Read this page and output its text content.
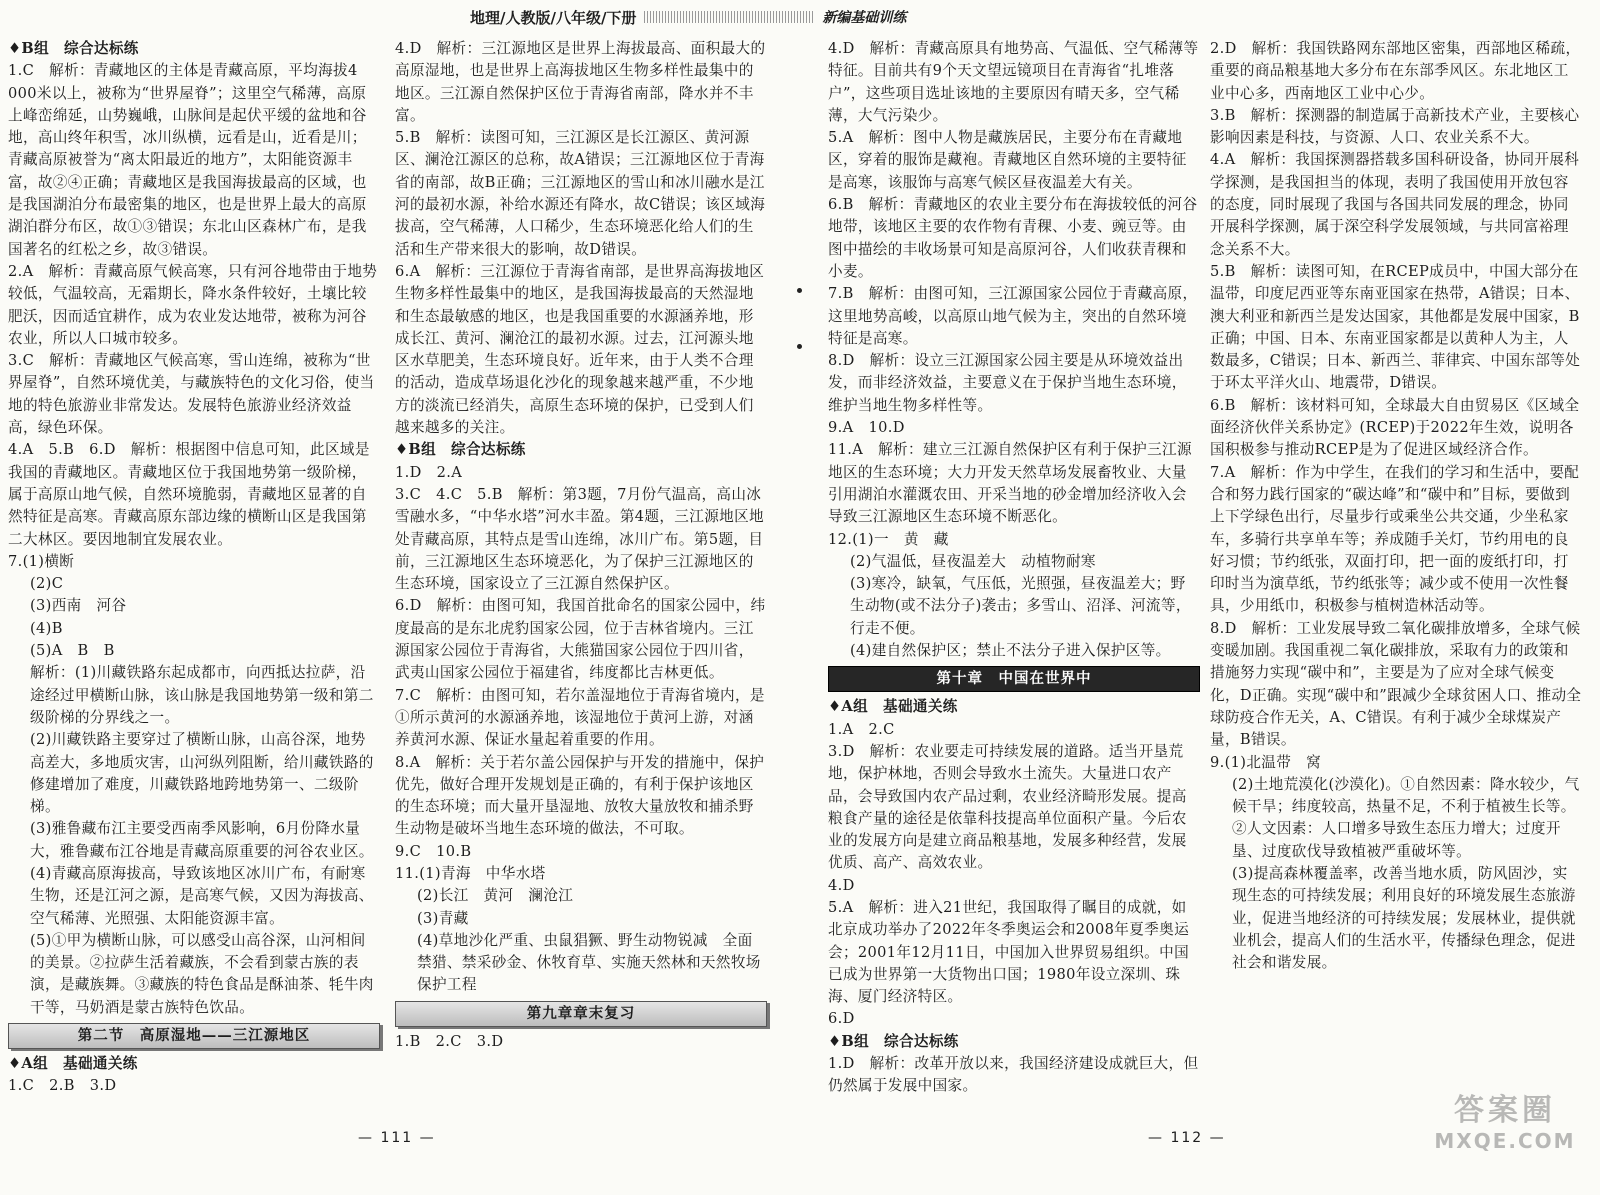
地理/人教版/八年级/下册	新编基础训练

♦B组　综合达标练

1.C　解析：青藏地区的主体是青藏高原，平均海拔4 000米以上，被称为“世界屋脊”；这里空气稀薄，高原上峰峦绵延，山势巍峨，山脉间是起伏平缓的盆地和谷地，高山终年积雪，冰川纵横，远看是山，近看是川；青藏高原被誉为“离太阳最近的地方”，太阳能资源丰富，故②④正确；青藏地区是我国海拔最高的区域，也是我国湖泊分布最密集的地区，也是世界上最大的高原湖泊群分布区，故①③错误；东北山区森林广布，是我国著名的红松之乡，故③错误。

2.A　解析：青藏高原气候高寒，只有河谷地带由于地势较低，气温较高，无霜期长，降水条件较好，土壤比较肥沃，因而适宜耕作，成为农业发达地带，被称为河谷农业，所以人口城市较多。

3.C　解析：青藏地区气候高寒，雪山连绵，被称为“世界屋脊”，自然环境优美，与藏族特色的文化习俗，使当地的特色旅游业非常发达。发展特色旅游业经济效益高，绿色环保。

4.A　5.B　6.D　解析：根据图中信息可知，此区域是我国的青藏地区。青藏地区位于我国地势第一级阶梯，属于高原山地气候，自然环境脆弱，青藏地区显著的自然特征是高寒。青藏高原东部边缘的横断山区是我国第二大林区。要因地制宜发展农业。

7.(1)横断

(2)C

(3)西南　河谷

(4)B

(5)A　B　B

解析：(1)川藏铁路东起成都市，向西抵达拉萨，沿途经过甲横断山脉，该山脉是我国地势第一级和第二级阶梯的分界线之一。

(2)川藏铁路主要穿过了横断山脉，山高谷深，地势高差大，多地质灾害，山河纵列阻断，给川藏铁路的修建增加了难度，川藏铁路地跨地势第一、二级阶梯。

(3)雅鲁藏布江主要受西南季风影响，6月份降水量大，雅鲁藏布江谷地是青藏高原重要的河谷农业区。

(4)青藏高原海拔高，导致该地区冰川广布，有耐寒生物，还是江河之源，是高寒气候，又因为海拔高、空气稀薄、光照强、太阳能资源丰富。

(5)①甲为横断山脉，可以感受山高谷深，山河相间的美景。②拉萨生活着藏族，不会看到蒙古族的表演，是藏族舞。③藏族的特色食品是酥油茶、牦牛肉干等，马奶酒是蒙古族特色饮品。

第二节　高原湿地——三江源地区

♦A组　基础通关练

1.C　2.B　3.D

4.D　解析：三江源地区是世界上海拔最高、面积最大的高原湿地，也是世界上高海拔地区生物多样性最集中的地区。三江源自然保护区位于青海省南部，降水并不丰富。

5.B　解析：读图可知，三江源区是长江源区、黄河源区、澜沧江源区的总称，故A错误；三江源地区位于青海省的南部，故B正确；三江源地区的雪山和冰川融水是江河的最初水源，补给水源还有降水，故C错误；该区域海拔高，空气稀薄，人口稀少，生态环境恶化给人们的生活和生产带来很大的影响，故D错误。

6.A　解析：三江源位于青海省南部，是世界高海拔地区生物多样性最集中的地区，是我国海拔最高的天然湿地和生态最敏感的地区，也是我国重要的水源涵养地，形成长江、黄河、澜沧江的最初水源。过去，江河源头地区水草肥美，生态环境良好。近年来，由于人类不合理的活动，造成草场退化沙化的现象越来越严重，不少地方的淡流已经消失，高原生态环境的保护，已受到人们越来越多的关注。

♦B组　综合达标练

1.D　2.A

3.C　4.C　5.B　解析：第3题，7月份气温高，高山冰雪融水多，“中华水塔”河水丰盈。第4题，三江源地区地处青藏高原，其特点是雪山连绵，冰川广布。第5题，目前，三江源地区生态环境恶化，为了保护三江源地区的生态环境，国家设立了三江源自然保护区。

6.D　解析：由图可知，我国首批命名的国家公园中，纬度最高的是东北虎豹国家公园，位于吉林省境内。三江源国家公园位于青海省，大熊猫国家公园位于四川省，武夷山国家公园位于福建省，纬度都比吉林更低。

7.C　解析：由图可知，若尔盖湿地位于青海省境内，是①所示黄河的水源涵养地，该湿地位于黄河上游，对涵养黄河水源、保证水量起着重要的作用。

8.A　解析：关于若尔盖公园保护与开发的措施中，保护优先，做好合理开发规划是正确的，有利于保护该地区的生态环境；而大量开垦湿地、放牧大量放牧和捕杀野生动物是破坏当地生态环境的做法，不可取。

9.C　10.B

11.(1)青海　中华水塔

(2)长江　黄河　澜沧江

(3)青藏

(4)草地沙化严重、虫鼠猖獗、野生动物锐减　全面禁猎、禁采砂金、休牧育草、实施天然林和天然牧场保护工程

第九章章末复习

1.B　2.C　3.D

4.D　解析：青藏高原具有地势高、气温低、空气稀薄等特征。目前共有9个天文望远镜项目在青海省“扎堆落户”，这些项目选址该地的主要原因有晴天多，空气稀薄，大气污染少。

5.A　解析：图中人物是藏族居民，主要分布在青藏地区，穿着的服饰是藏袍。青藏地区自然环境的主要特征是高寒，该服饰与高寒气候区昼夜温差大有关。

6.B　解析：青藏地区的农业主要分布在海拔较低的河谷地带，该地区主要的农作物有青稞、小麦、豌豆等。由图中描绘的丰收场景可知是高原河谷，人们收获青稞和小麦。

7.B　解析：由图可知，三江源国家公园位于青藏高原，这里地势高峻，以高原山地气候为主，突出的自然环境特征是高寒。

8.D　解析：设立三江源国家公园主要是从环境效益出发，而非经济效益，主要意义在于保护当地生态环境，维护当地生物多样性等。

9.A　10.D

11.A　解析：建立三江源自然保护区有利于保护三江源地区的生态环境；大力开发天然草场发展畜牧业、大量引用湖泊水灌溉农田、开采当地的砂金增加经济收入会导致三江源地区生态环境不断恶化。

12.(1)一　黄　藏

(2)气温低，昼夜温差大　动植物耐寒

(3)寒冷，缺氧，气压低，光照强，昼夜温差大；野生动物(或不法分子)袭击；多雪山、沼泽、河流等，行走不便。

(4)建自然保护区；禁止不法分子进入保护区等。

第十章　中国在世界中

♦A组　基础通关练

1.A　2.C

3.D　解析：农业要走可持续发展的道路。适当开垦荒地，保护林地，否则会导致水土流失。大量进口农产品，会导致国内农产品过剩，农业经济畸形发展。提高粮食产量的途径是依靠科技提高单位面积产量。今后农业的发展方向是建立商品粮基地，发展多种经营，发展优质、高产、高效农业。

4.D

5.A　解析：进入21世纪，我国取得了瞩目的成就，如北京成功举办了2022年冬季奥运会和2008年夏季奥运会；2001年12月11日，中国加入世界贸易组织。中国已成为世界第一大货物出口国；1980年设立深圳、珠海、厦门经济特区。

6.D

♦B组　综合达标练

1.D　解析：改革开放以来，我国经济建设成就巨大，但仍然属于发展中国家。

2.D　解析：我国铁路网东部地区密集，西部地区稀疏，重要的商品粮基地大多分布在东部季风区。东北地区工业中心多，西南地区工业中心少。

3.B　解析：探测器的制造属于高新技术产业，主要核心影响因素是科技，与资源、人口、农业关系不大。

4.A　解析：我国探测器搭载多国科研设备，协同开展科学探测，是我国担当的体现，表明了我国使用开放包容的态度，同时展现了我国与各国共同发展的理念，协同开展科学探测，属于深空科学发展领域，与共同富裕理念关系不大。

5.B　解析：读图可知，在RCEP成员中，中国大部分在温带，印度尼西亚等东南亚国家在热带，A错误；日本、澳大利亚和新西兰是发达国家，其他都是发展中国家，B正确；中国、日本、东南亚国家都是以黄种人为主，人数最多，C错误；日本、新西兰、菲律宾、中国东部等处于环太平洋火山、地震带，D错误。

6.B　解析：该材料可知，全球最大自由贸易区《区域全面经济伙伴关系协定》(RCEP)于2022年生效，说明各国积极参与推动RCEP是为了促进区域经济合作。

7.A　解析：作为中学生，在我们的学习和生活中，要配合和努力践行国家的“碳达峰”和“碳中和”目标，要做到上下学绿色出行，尽量步行或乘坐公共交通，少坐私家车，多骑行共享单车等；养成随手关灯，节约用电的良好习惯；节约纸张，双面打印，把一面的废纸打印，打印时当为演草纸，节约纸张等；减少或不使用一次性餐具，少用纸巾，积极参与植树造林活动等。

8.D　解析：工业发展导致二氧化碳排放增多，全球气候变暖加剧。我国重视二氧化碳排放，采取有力的政策和措施努力实现“碳中和”，主要是为了应对全球气候变化，D正确。实现“碳中和”跟减少全球贫困人口、推动全球防疫合作无关，A、C错误。有利于减少全球煤炭产量，B错误。

9.(1)北温带　窝

(2)土地荒漠化(沙漠化)。①自然因素：降水较少，气候干旱；纬度较高，热量不足，不利于植被生长等。②人文因素：人口增多导致生态压力增大；过度开垦、过度砍伐导致植被严重破坏等。

(3)提高森林覆盖率，改善当地水质，防风固沙，实现生态的可持续发展；利用良好的环境发展生态旅游业，促进当地经济的可持续发展；发展林业，提供就业机会，提高人们的生活水平，传播绿色理念，促进社会和谐发展。

— 111 —	— 112 —
答案圈
MXQE.COM
